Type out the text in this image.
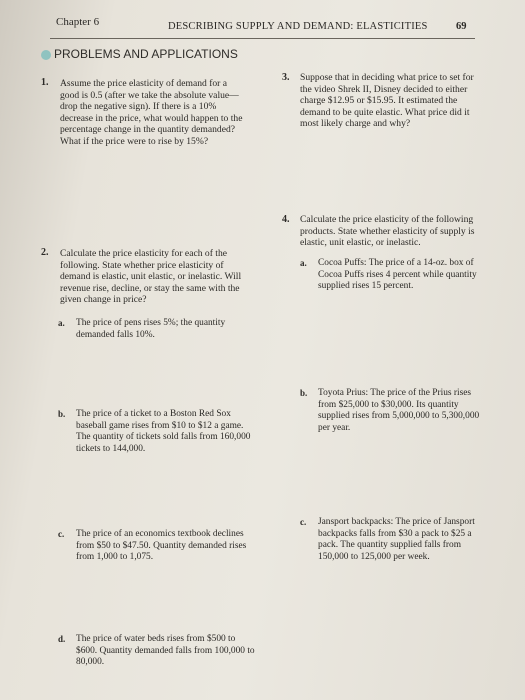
Chapter 6	DESCRIBING SUPPLY AND DEMAND: ELASTICITIES	69
PROBLEMS AND APPLICATIONS
1. Assume the price elasticity of demand for a good is 0.5 (after we take the absolute value—drop the negative sign). If there is a 10% decrease in the price, what would happen to the percentage change in the quantity demanded? What if the price were to rise by 15%?
2. Calculate the price elasticity for each of the following. State whether price elasticity of demand is elastic, unit elastic, or inelastic. Will revenue rise, decline, or stay the same with the given change in price?
a. The price of pens rises 5%; the quantity demanded falls 10%.
b. The price of a ticket to a Boston Red Sox baseball game rises from $10 to $12 a game. The quantity of tickets sold falls from 160,000 tickets to 144,000.
c. The price of an economics textbook declines from $50 to $47.50. Quantity demanded rises from 1,000 to 1,075.
d. The price of water beds rises from $500 to $600. Quantity demanded falls from 100,000 to 80,000.
3. Suppose that in deciding what price to set for the video Shrek II, Disney decided to either charge $12.95 or $15.95. It estimated the demand to be quite elastic. What price did it most likely charge and why?
4. Calculate the price elasticity of the following products. State whether elasticity of supply is elastic, unit elastic, or inelastic.
a. Cocoa Puffs: The price of a 14-oz. box of Cocoa Puffs rises 4 percent while quantity supplied rises 15 percent.
b. Toyota Prius: The price of the Prius rises from $25,000 to $30,000. Its quantity supplied rises from 5,000,000 to 5,300,000 per year.
c. Jansport backpacks: The price of Jansport backpacks falls from $30 a pack to $25 a pack. The quantity supplied falls from 150,000 to 125,000 per week.
